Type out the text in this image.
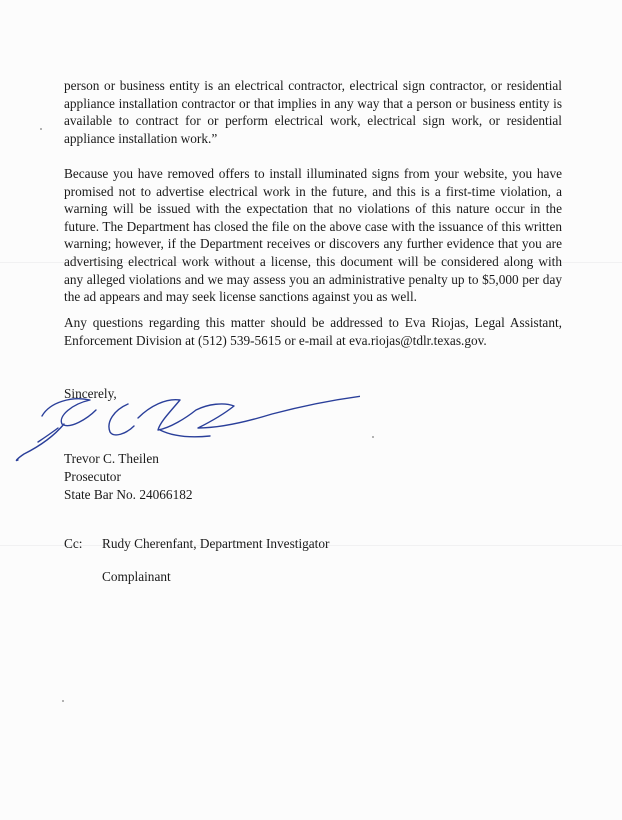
person or business entity is an electrical contractor, electrical sign contractor, or residential appliance installation contractor or that implies in any way that a person or business entity is available to contract for or perform electrical work, electrical sign work, or residential appliance installation work.”

Because you have removed offers to install illuminated signs from your website, you have promised not to advertise electrical work in the future, and this is a first-time violation, a warning will be issued with the expectation that no violations of this nature occur in the future. The Department has closed the file on the above case with the issuance of this written warning; however, if the Department receives or discovers any further evidence that you are advertising electrical work without a license, this document will be considered along with any alleged violations and we may assess you an administrative penalty up to $5,000 per day the ad appears and may seek license sanctions against you as well.

Any questions regarding this matter should be addressed to Eva Riojas, Legal Assistant, Enforcement Division at (512) 539-5615 or e-mail at eva.riojas@tdlr.texas.gov.

Sincerely,

Trevor C. Theilen

Prosecutor

State Bar No. 24066182

Cc: Rudy Cherenfant, Department Investigator

Complainant
